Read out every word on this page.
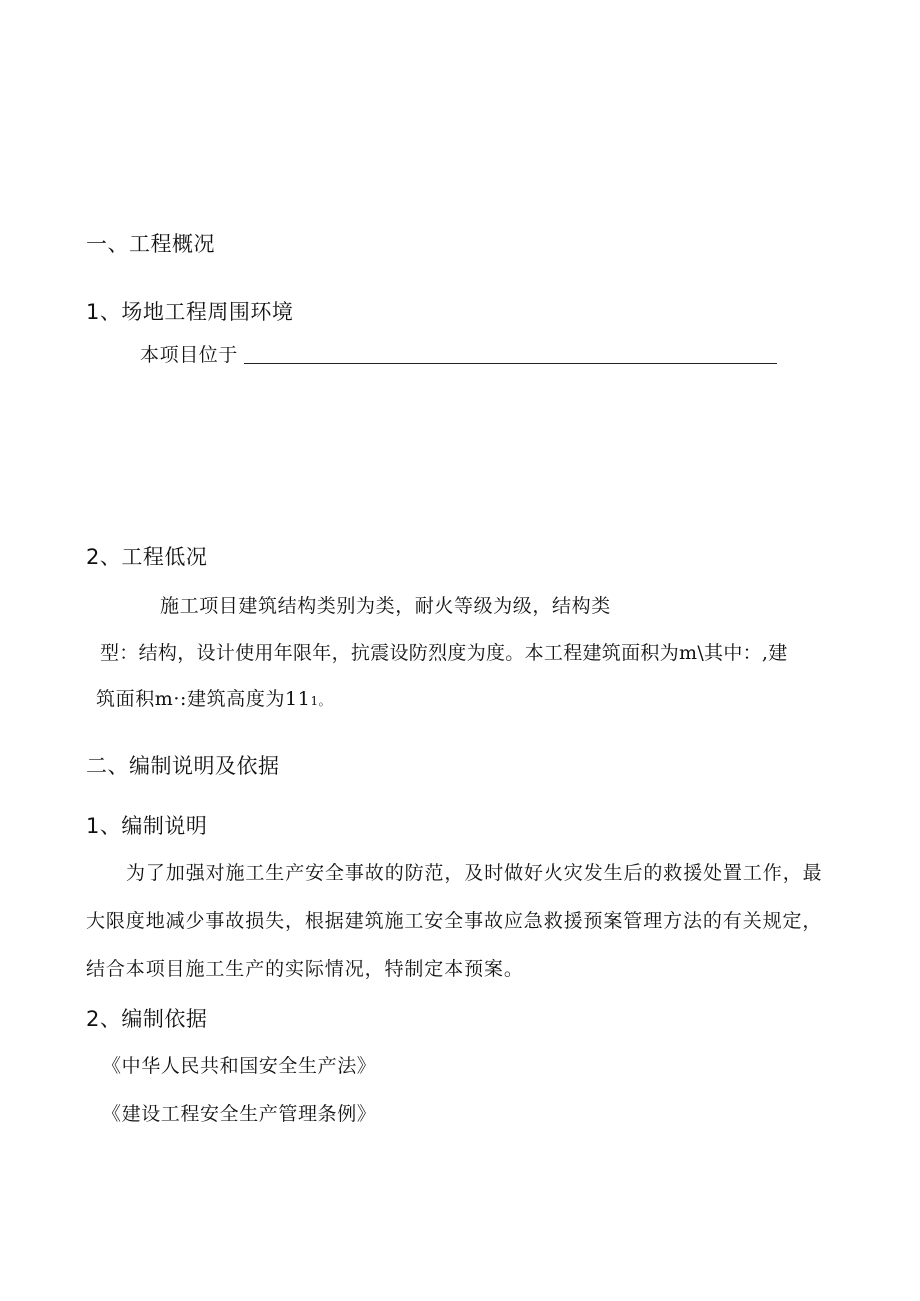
一、工程概况
1、场地工程周围环境
本项目位于
2、工程低况
施工项目建筑结构类别为类，耐火等级为级，结构类
型：结构，设计使用年限年，抗震设防烈度为度。本工程建筑面积为m\其中：,建
筑面积m·:建筑高度为111。
二、编制说明及依据
1、编制说明
为了加强对施工生产安全事故的防范，及时做好火灾发生后的救援处置工作，最
大限度地减少事故损失，根据建筑施工安全事故应急救援预案管理方法的有关规定，
结合本项目施工生产的实际情况，特制定本预案。
2、编制依据
《中华人民共和国安全生产法》
《建设工程安全生产管理条例》
